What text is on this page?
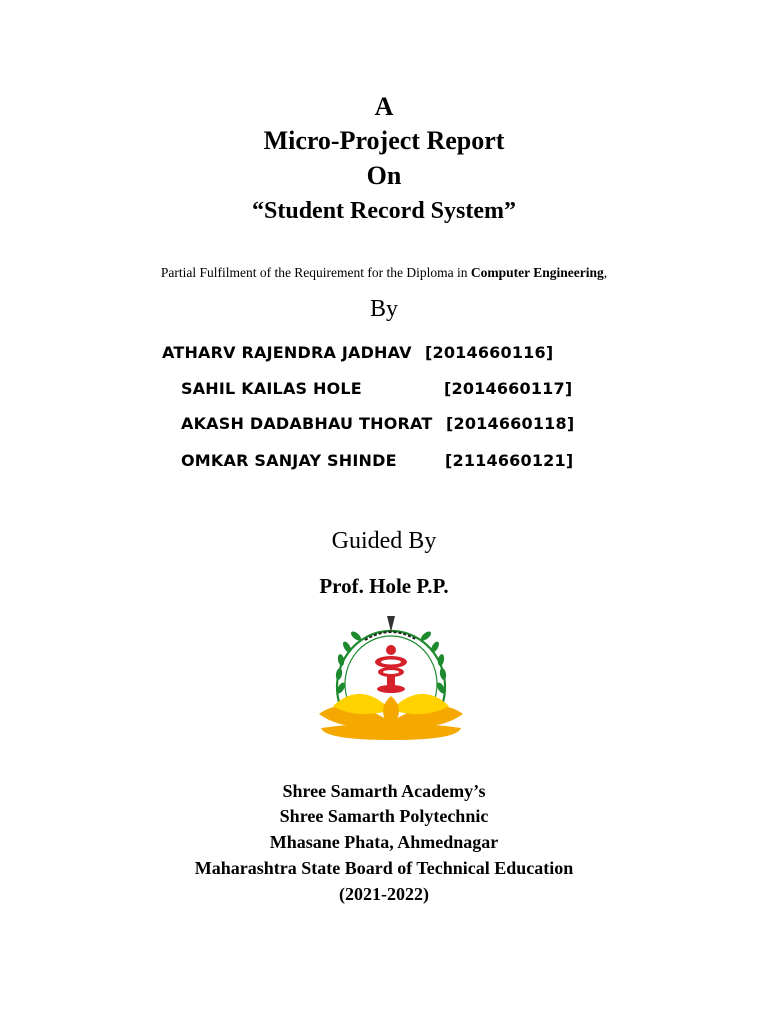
A
Micro-Project Report
On
“Student Record System”
Partial Fulfilment of the Requirement for the Diploma in Computer Engineering,
By
ATHARV RAJENDRA JADHAV [2014660116]
SAHIL KAILAS HOLE	[2014660117]
AKASH DADABHAU THORAT [2014660118]
OMKAR SANJAY SHINDE	[2114660121]
Guided By
Prof. Hole P.P.
Shree Samarth Academy’s
Shree Samarth Polytechnic
Mhasane Phata, Ahmednagar
Maharashtra State Board of Technical Education
(2021-2022)
